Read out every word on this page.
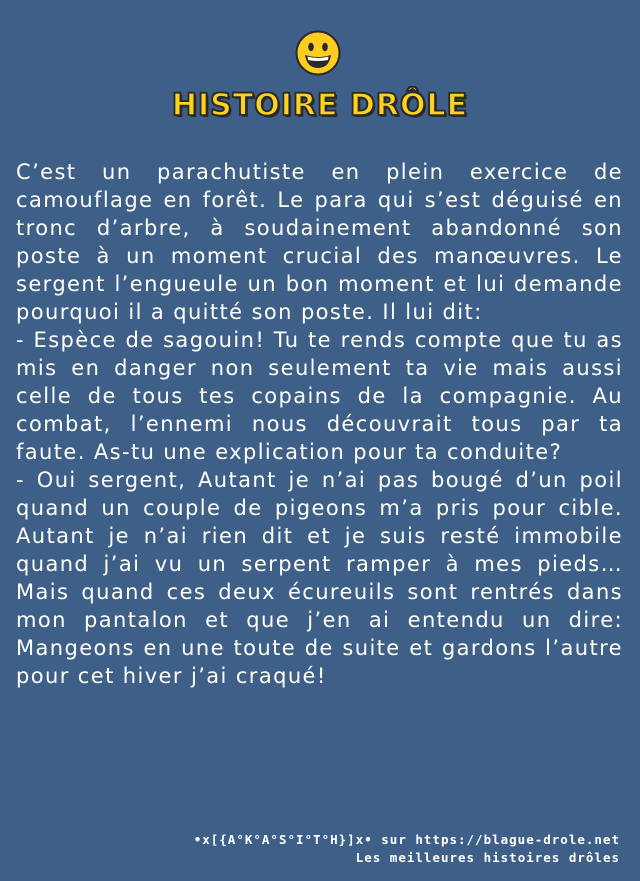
HISTOIRE DRÔLE

C’est un parachutiste en plein exercice de camouflage en forêt. Le para qui s’est déguisé en tronc d’arbre, à soudainement abandonné son poste à un moment crucial des manœuvres. Le sergent l’engueule un bon moment et lui demande pourquoi il a quitté son poste. Il lui dit:

- Espèce de sagouin! Tu te rends compte que tu as mis en danger non seulement ta vie mais aussi celle de tous tes copains de la compagnie. Au combat, l’ennemi nous découvrait tous par ta faute. As-tu une explication pour ta conduite?

- Oui sergent, Autant je n’ai pas bougé d’un poil quand un couple de pigeons m’a pris pour cible. Autant je n’ai rien dit et je suis resté immobile quand j’ai vu un serpent ramper à mes pieds… Mais quand ces deux écureuils sont rentrés dans mon pantalon et que j’en ai entendu un dire: Mangeons en une toute de suite et gardons l’autre pour cet hiver j’ai craqué!

•x[{A°K°A°S°I°T°H}]x• sur https://blague-drole.net
Les meilleures histoires drôles
